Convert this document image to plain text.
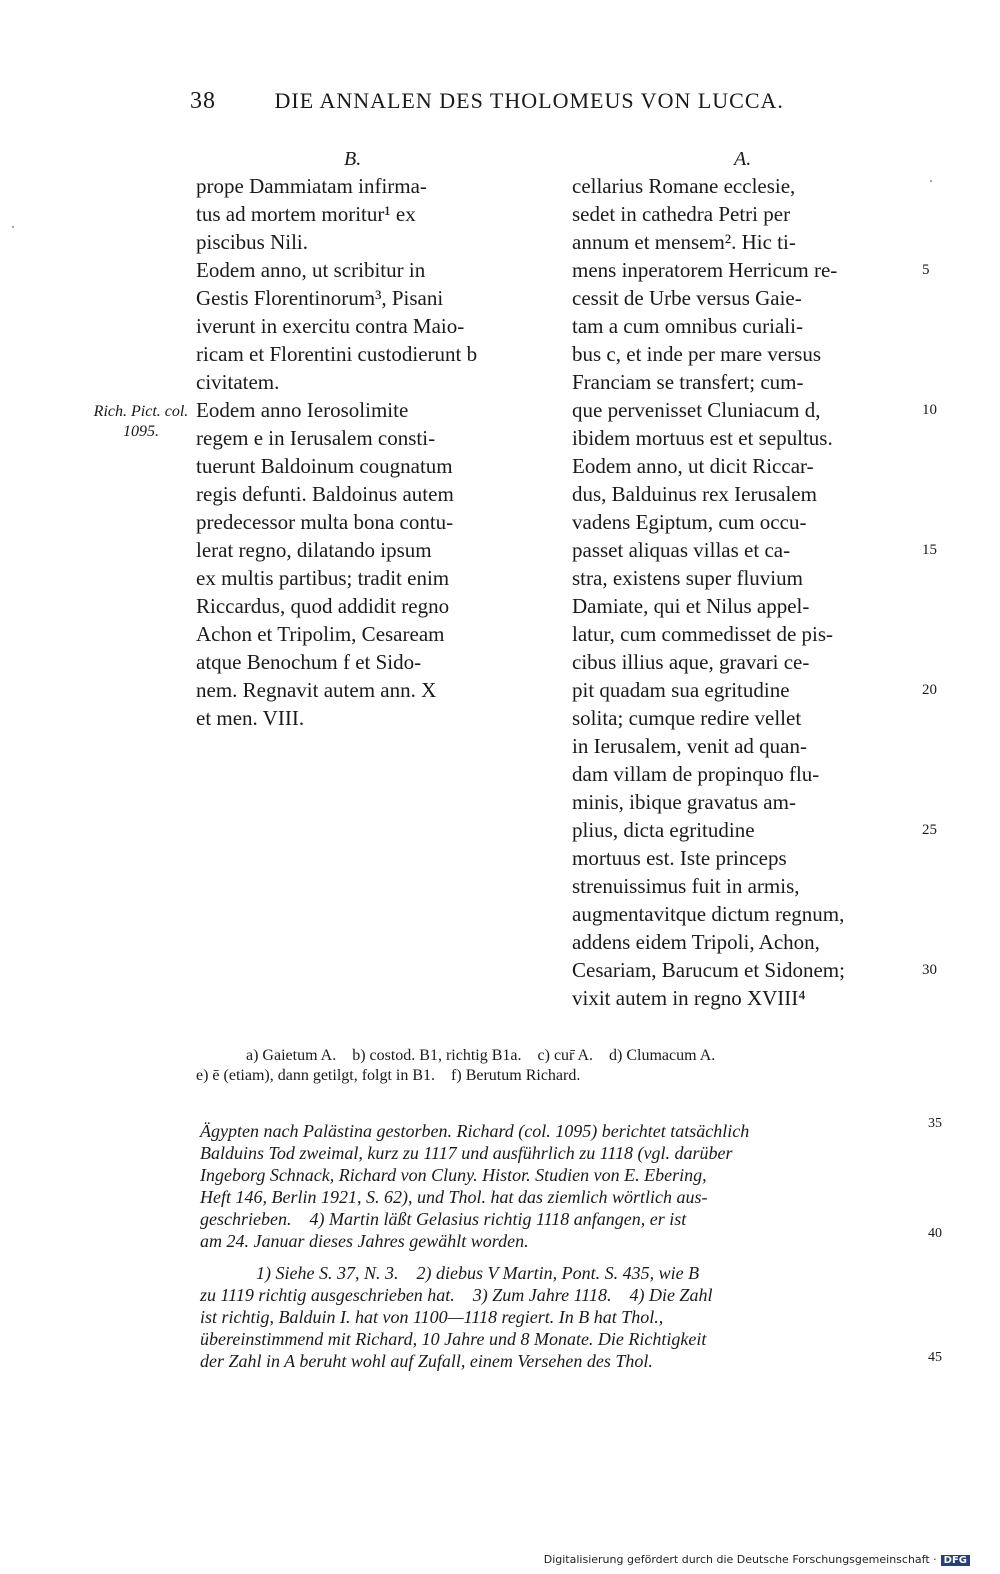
38	DIE ANNALEN DES THOLOMEUS VON LUCCA.
B.	A.
Rich. Pict. col. 1095.
prope Dammiatam infirma-
tus ad mortem moritur¹ ex
piscibus Nili.
Eodem anno, ut scribitur in
Gestis Florentinorum³, Pisani
iverunt in exercitu contra Maio-
ricam et Florentini custodierunt b
civitatem.
Eodem anno Ierosolimite
regem e in Ierusalem consti-
tuerunt Baldoinum cougnatum
regis defunti. Baldoinus autem
predecessor multa bona contu-
lerat regno, dilatando ipsum
ex multis partibus; tradit enim
Riccardus, quod addidit regno
Achon et Tripolim, Cesaream
atque Benochum f et Sido-
nem. Regnavit autem ann. X
et men. VIII.
cellarius Romane ecclesie,
sedet in cathedra Petri per
annum et mensem². Hic ti-
mens inperatorem Herricum re-
cessit de Urbe versus Gaie-
tam a cum omnibus curiali-
bus c, et inde per mare versus
Franciam se transfert; cum-
que pervenisset Cluniacum d,
ibidem mortuus est et sepultus.
Eodem anno, ut dicit Riccar-
dus, Balduinus rex Ierusalem
vadens Egiptum, cum occu-
passet aliquas villas et ca-
stra, existens super fluvium
Damiate, qui et Nilus appel-
latur, cum commedisset de pis-
cibus illius aque, gravari ce-
pit quadam sua egritudine
solita; cumque redire vellet
in Ierusalem, venit ad quan-
dam villam de propinquo flu-
minis, ibique gravatus am-
plius, dicta egritudine
mortuus est. Iste princeps
strenuissimus fuit in armis,
augmentavitque dictum regnum,
addens eidem Tripoli, Achon,
Cesariam, Barucum et Sidonem;
vixit autem in regno XVIII⁴
5
10
15
20
25
30
a) Gaietum A.    b) costod. B1, richtig B1a.    c) cur̄ A.    d) Clumacum A.
e) ē (etiam), dann getilgt, folgt in B1.    f) Berutum Richard.

Ägypten nach Palästina gestorben. Richard (col. 1095) berichtet tatsächlich

Balduins Tod zweimal, kurz zu 1117 und ausführlich zu 1118 (vgl. darüber

Ingeborg Schnack, Richard von Cluny. Histor. Studien von E. Ebering,

Heft 146, Berlin 1921, S. 62), und Thol. hat das ziemlich wörtlich aus-

geschrieben.    4) Martin läßt Gelasius richtig 1118 anfangen, er ist

am 24. Januar dieses Jahres gewählt worden.

1) Siehe S. 37, N. 3.    2) diebus V Martin, Pont. S. 435, wie B

zu 1119 richtig ausgeschrieben hat.    3) Zum Jahre 1118.    4) Die Zahl

ist richtig, Balduin I. hat von 1100—1118 regiert. In B hat Thol.,

übereinstimmend mit Richard, 10 Jahre und 8 Monate. Die Richtigkeit

der Zahl in A beruht wohl auf Zufall, einem Versehen des Thol.

35
40
45
Digitalisierung gefördert durch die Deutsche Forschungsgemeinschaft · DFG
